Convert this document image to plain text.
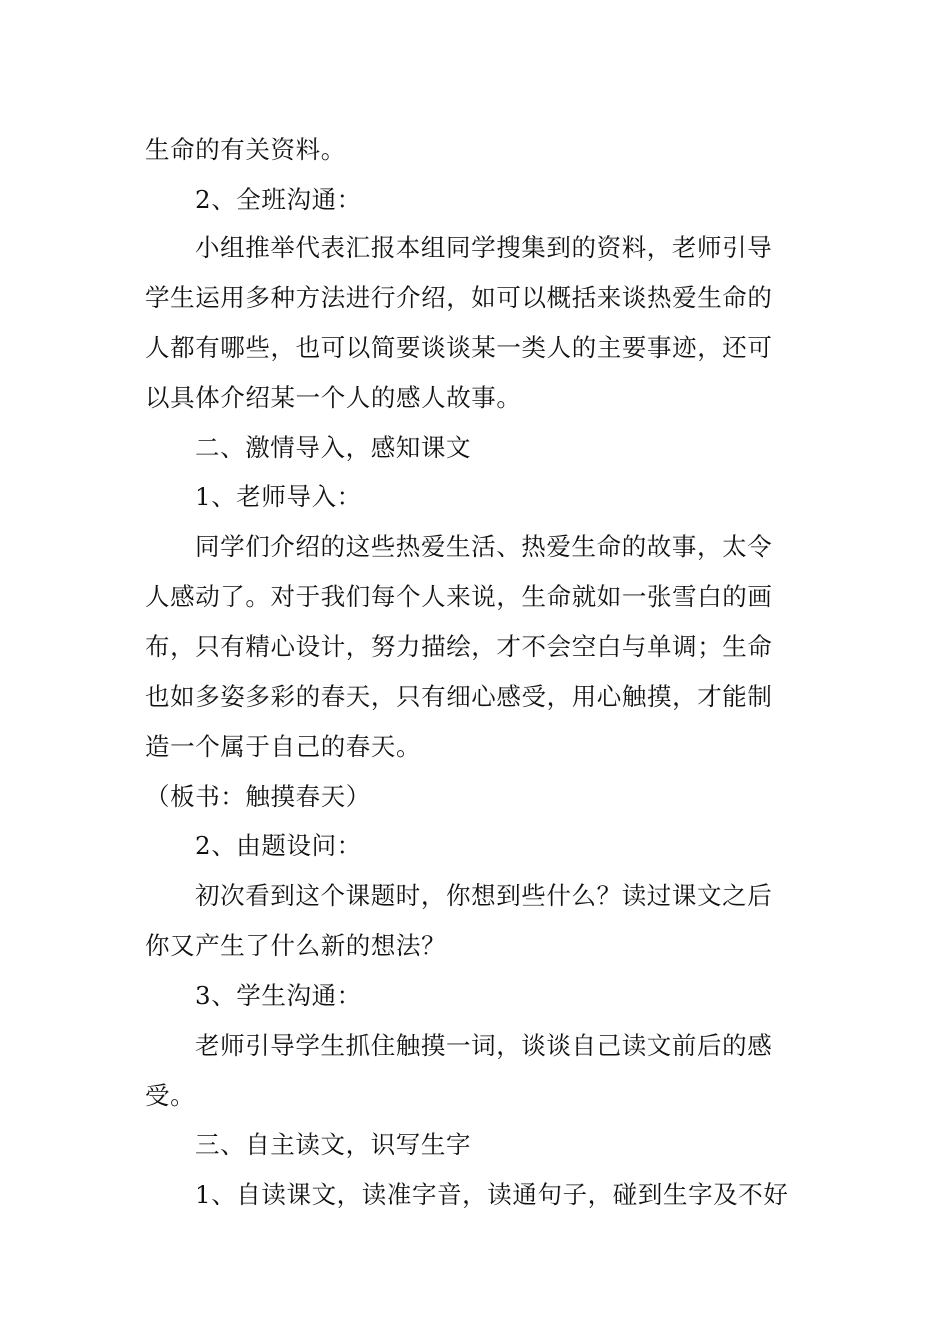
生命的有关资料。
2、全班沟通：
小组推举代表汇报本组同学搜集到的资料，老师引导
学生运用多种方法进行介绍，如可以概括来谈热爱生命的
人都有哪些，也可以简要谈谈某一类人的主要事迹，还可
以具体介绍某一个人的感人故事。
二、激情导入，感知课文
1、老师导入：
同学们介绍的这些热爱生活、热爱生命的故事，太令
人感动了。对于我们每个人来说，生命就如一张雪白的画
布，只有精心设计，努力描绘，才不会空白与单调；生命
也如多姿多彩的春天，只有细心感受，用心触摸，才能制
造一个属于自己的春天。
（板书：触摸春天）
2、由题设问：
初次看到这个课题时，你想到些什么？读过课文之后
你又产生了什么新的想法？
3、学生沟通：
老师引导学生抓住触摸一词，谈谈自己读文前后的感
受。
三、自主读文，识写生字
1、自读课文，读准字音，读通句子，碰到生字及不好
